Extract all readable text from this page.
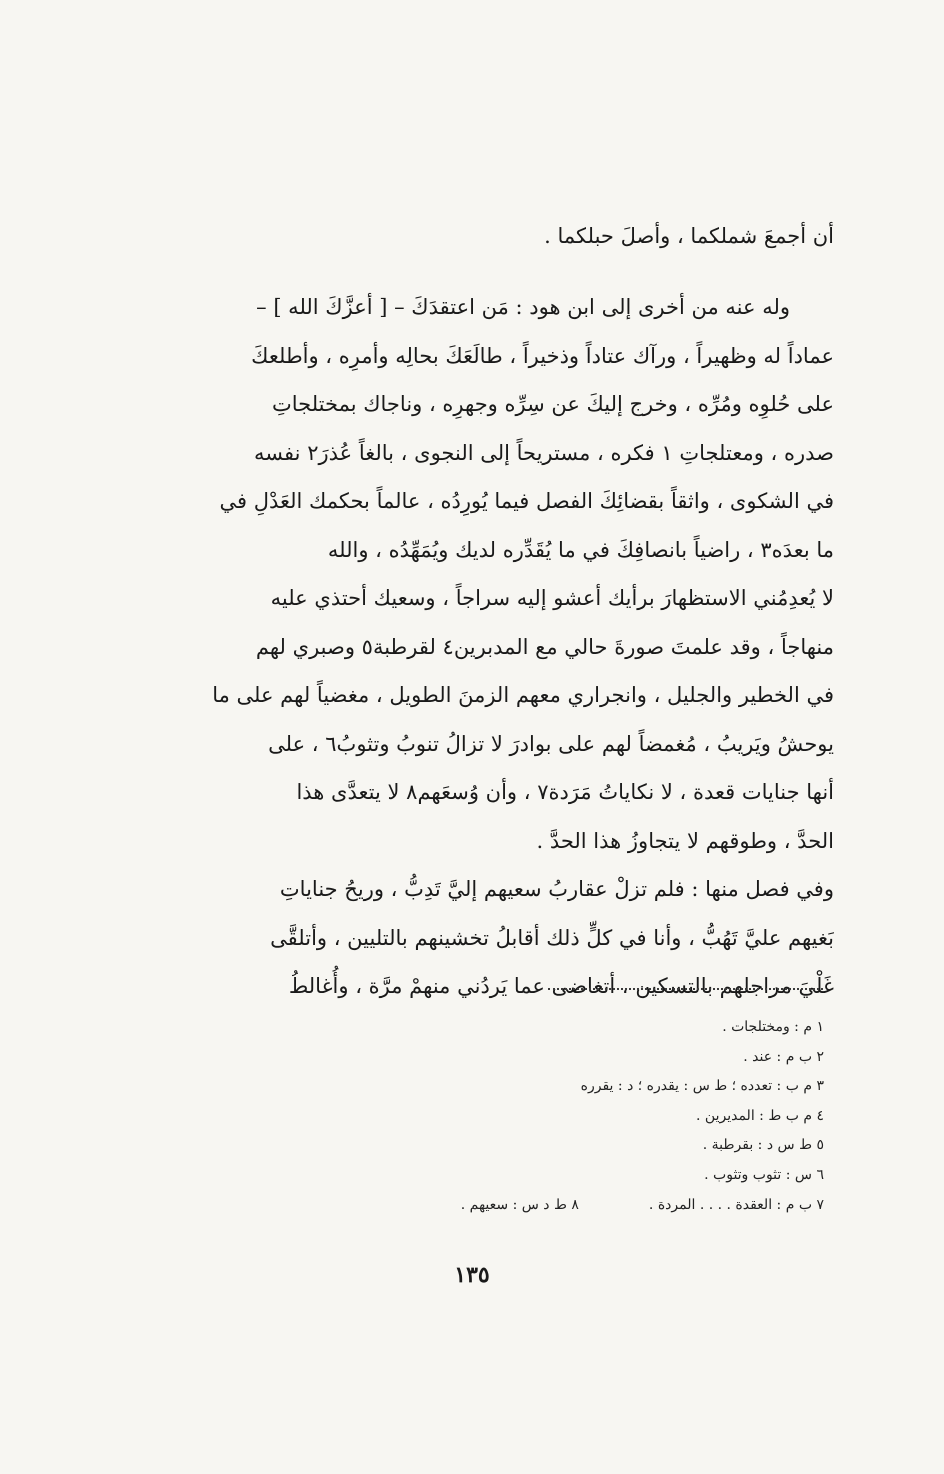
أن أجمعَ شملكما ، وأصلَ حبلكما .
وله عنه من أخرى إلى ابن هود : مَن اعتقدَكَ – [ أعزَّكَ الله ] –
عماداً له وظهيراً ، ورآك عتاداً وذخيراً ، طالَعَكَ بحالِه وأمرِه ، وأطلعكَ
على حُلوِه ومُرِّه ، وخرج إليكَ عن سِرِّه وجهرِه ، وناجاك بمختلجاتِ
صدره ، ومعتلجاتِ ١ فكره ، مستريحاً إلى النجوى ، بالغاً عُذرَ٢ نفسه
في الشكوى ، واثقاً بقضائِكَ الفصل فيما يُورِدُه ، عالماً بحكمك العَدْلِ في
ما بعدَه٣ ، راضياً بانصافِكَ في ما يُقَدِّره لديك ويُمَهِّدُه ، والله
لا يُعدِمُني الاستظهارَ برأيك أعشو إليه سراجاً ، وسعيك أحتذي عليه
منهاجاً ، وقد علمتَ صورةَ حالي مع المدبرين٤ لقرطبة٥ وصبري لهم
في الخطير والجليل ، وانجراري معهم الزمنَ الطويل ، مغضياً لهم على ما
يوحشُ ويَريبُ ، مُغمضاً لهم على بوادرَ لا تزالُ تنوبُ وتثوبُ٦ ، على
أنها جنايات قعدة ، لا نكاياتُ مَرَدة٧ ، وأن وُسعَهم٨ لا يتعدَّى هذا
الحدَّ ، وطوقهم لا يتجاوزُ هذا الحدَّ .
وفي فصل منها : فلم تزلْ عقاربُ سعيهم إليَّ تَدِبُّ ، وريحُ جناياتِ
بَغيهم عليَّ تَهُبُّ ، وأنا في كلٍّ ذلك أقابلُ تخشينهم بالتليين ، وأتلقَّى
غَلْيَ مراجلهم بالتسكين ، أتغاضى عما يَردُني منهمْ مرَّة ، وأُغالطُ
١ م : ومختلجات .
٢ ب م : عند .
٣ م ب : تعدده ؛ ط س : يقدره ؛ د : يقرره
٤ م ب ط : المديرين .
٥ ط س د : بقرطبة .
٦ س : تثوب وتثوب .
٧ ب م : العقدة . . . . المردة .
٨ ط د س : سعيهم .
١٣٥
